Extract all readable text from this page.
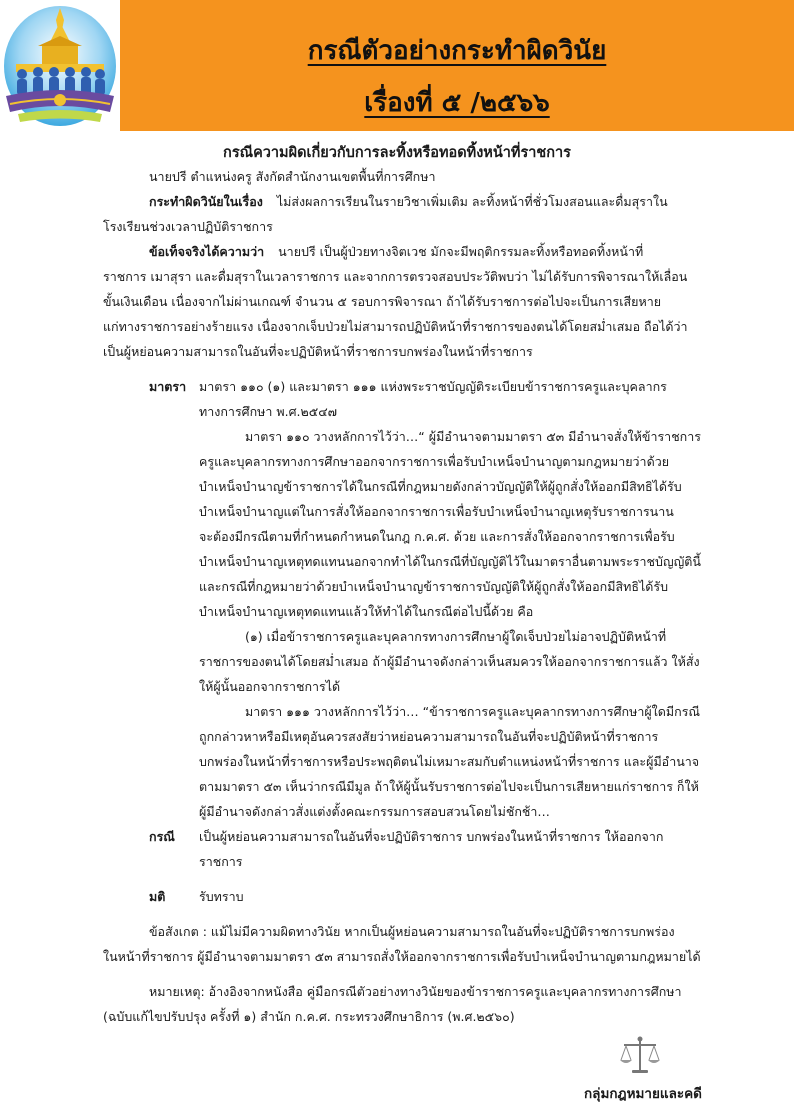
กรณีตัวอย่างกระทำผิดวินัย
เรื่องที่ ๕ /๒๕๖๖
กรณีความผิดเกี่ยวกับการละทิ้งหรือทอดทิ้งหน้าที่ราชการ
นายปรี ตำแหน่งครู สังกัดสำนักงานเขตพื้นที่การศึกษา
กระทำผิดวินัยในเรื่อง ไม่ส่งผลการเรียนในรายวิชาเพิ่มเติม ละทิ้งหน้าที่ชั่วโมงสอนและดื่มสุราใน
โรงเรียนช่วงเวลาปฏิบัติราชการ
ข้อเท็จจริงได้ความว่า นายปรี เป็นผู้ป่วยทางจิตเวช มักจะมีพฤติกรรมละทิ้งหรือทอดทิ้งหน้าที่
ราชการ เมาสุรา และดื่มสุราในเวลาราชการ และจากการตรวจสอบประวัติพบว่า ไม่ได้รับการพิจารณาให้เลื่อน
ขั้นเงินเดือน เนื่องจากไม่ผ่านเกณฑ์ จำนวน ๕ รอบการพิจารณา ถ้าได้รับราชการต่อไปจะเป็นการเสียหาย
แก่ทางราชการอย่างร้ายแรง เนื่องจากเจ็บป่วยไม่สามารถปฏิบัติหน้าที่ราชการของตนได้โดยสม่ำเสมอ ถือได้ว่า
เป็นผู้หย่อนความสามารถในอันที่จะปฏิบัติหน้าที่ราชการบกพร่องในหน้าที่ราชการ
มาตรา มาตรา ๑๑๐ (๑) และมาตรา ๑๑๑ แห่งพระราชบัญญัติระเบียบข้าราชการครูและบุคลากร
ทางการศึกษา พ.ศ.๒๕๔๗
มาตรา ๑๑๐ วางหลักการไว้ว่า…“ ผู้มีอำนาจตามมาตรา ๕๓ มีอำนาจสั่งให้ข้าราชการ
ครูและบุคลากรทางการศึกษาออกจากราชการเพื่อรับบำเหน็จบำนาญตามกฎหมายว่าด้วย
บำเหน็จบำนาญข้าราชการได้ในกรณีที่กฎหมายดังกล่าวบัญญัติให้ผู้ถูกสั่งให้ออกมีสิทธิได้รับ
บำเหน็จบำนาญแต่ในการสั่งให้ออกจากราชการเพื่อรับบำเหน็จบำนาญเหตุรับราชการนาน
จะต้องมีกรณีตามที่กำหนดกำหนดในกฎ ก.ค.ศ. ด้วย และการสั่งให้ออกจากราชการเพื่อรับ
บำเหน็จบำนาญเหตุทดแทนนอกจากทำได้ในกรณีที่บัญญัติไว้ในมาตราอื่นตามพระราชบัญญัตินี้
และกรณีที่กฎหมายว่าด้วยบำเหน็จบำนาญข้าราชการบัญญัติให้ผู้ถูกสั่งให้ออกมีสิทธิได้รับ
บำเหน็จบำนาญเหตุทดแทนแล้วให้ทำได้ในกรณีต่อไปนี้ด้วย คือ
(๑) เมื่อข้าราชการครูและบุคลากรทางการศึกษาผู้ใดเจ็บป่วยไม่อาจปฏิบัติหน้าที่
ราชการของตนได้โดยสม่ำเสมอ ถ้าผู้มีอำนาจดังกล่าวเห็นสมควรให้ออกจากราชการแล้ว ให้สั่ง
ให้ผู้นั้นออกจากราชการได้
มาตรา ๑๑๑ วางหลักการไว้ว่า… “ข้าราชการครูและบุคลากรทางการศึกษาผู้ใดมีกรณี
ถูกกล่าวหาหรือมีเหตุอันควรสงสัยว่าหย่อนความสามารถในอันที่จะปฏิบัติหน้าที่ราชการ
บกพร่องในหน้าที่ราชการหรือประพฤติตนไม่เหมาะสมกับตำแหน่งหน้าที่ราชการ และผู้มีอำนาจ
ตามมาตรา ๕๓ เห็นว่ากรณีมีมูล ถ้าให้ผู้นั้นรับราชการต่อไปจะเป็นการเสียหายแก่ราชการ ก็ให้
ผู้มีอำนาจดังกล่าวสั่งแต่งตั้งคณะกรรมการสอบสวนโดยไม่ชักช้า…
กรณี เป็นผู้หย่อนความสามารถในอันที่จะปฏิบัติราชการ บกพร่องในหน้าที่ราชการ ให้ออกจาก
ราชการ
มติ	รับทราบ
ข้อสังเกต : แม้ไม่มีความผิดทางวินัย หากเป็นผู้หย่อนความสามารถในอันที่จะปฏิบัติราชการบกพร่อง
ในหน้าที่ราชการ ผู้มีอำนาจตามมาตรา ๕๓ สามารถสั่งให้ออกจากราชการเพื่อรับบำเหน็จบำนาญตามกฎหมายได้
หมายเหตุ: อ้างอิงจากหนังสือ คู่มือกรณีตัวอย่างทางวินัยของข้าราชการครูและบุคลากรทางการศึกษา
(ฉบับแก้ไขปรับปรุง ครั้งที่ ๑) สำนัก ก.ค.ศ. กระทรวงศึกษาธิการ (พ.ศ.๒๕๖๐)
กลุ่มกฎหมายและคดี
